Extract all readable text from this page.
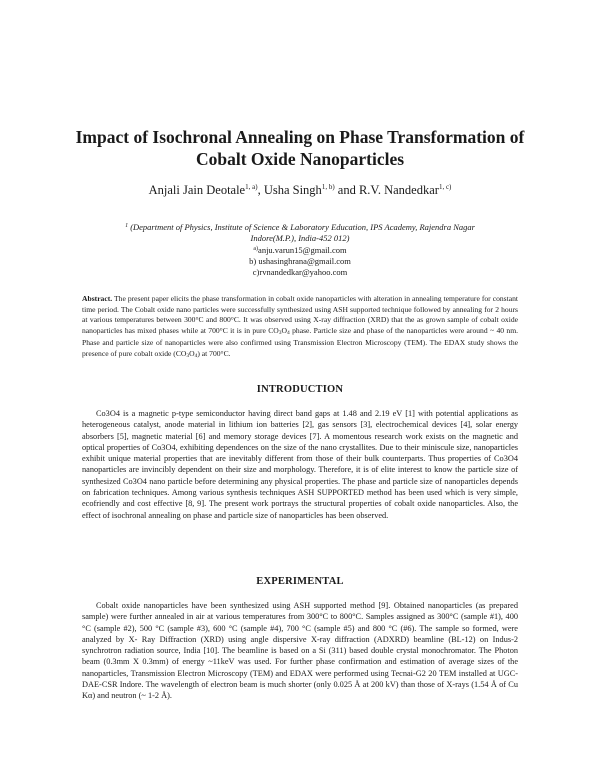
Impact of Isochronal Annealing on Phase Transformation of
Cobalt Oxide Nanoparticles
Anjali Jain Deotale$^{1, a)}$, Usha Singh$^{1, b)}$ and R.V. Nandedkar$^{1, c)}$
$^1$ (Department of Physics, Institute of Science & Laboratory Education, IPS Academy, Rajendra Nagar
Indore(M.P.), India-452 012)
$^{a)}$anju.varun15@gmail.com
b) ushasinghrana@gmail.com
c)rvnandedkar@yahoo.com
Abstract. The present paper elicits the phase transformation in cobalt oxide nanoparticles with alteration in annealing temperature for constant time period. The Cobalt oxide nano particles were successfully synthesized using ASH supported technique followed by annealing for 2 hours at various temperatures between 300°C and 800°C. It was observed using X-ray diffraction (XRD) that the as grown sample of cobalt oxide nanoparticles has mixed phases while at 700°C it is in pure $CO_3O_4$ phase. Particle size and phase of the nanoparticles were around ~ 40 nm. Phase and particle size of nanoparticles were also confirmed using Transmission Electron Microscopy (TEM). The EDAX study shows the presence of pure cobalt oxide $(CO_3O_4)$ at 700°C.
INTRODUCTION

Co3O4 is a magnetic p-type semiconductor having direct band gaps at 1.48 and 2.19 eV [1] with potential applications as heterogeneous catalyst, anode material in lithium ion batteries [2], gas sensors [3], electrochemical devices [4], solar energy absorbers [5], magnetic material [6] and memory storage devices [7]. A momentous research work exists on the magnetic and optical properties of Co3O4, exhibiting dependences on the size of the nano crystallites. Due to their miniscule size, nanoparticles exhibit unique material properties that are inevitably different from those of their bulk counterparts. Thus properties of Co3O4 nanoparticles are invincibly dependent on their size and morphology. Therefore, it is of elite interest to know the particle size of synthesized Co3O4 nano particle before determining any physical properties. The phase and particle size of nanoparticles depends on fabrication techniques. Among various synthesis techniques ASH SUPPORTED method has been used which is very simple, ecofriendly and cost effective [8, 9]. The present work portrays the structural properties of cobalt oxide nanoparticles. Also, the effect of isochronal annealing on phase and particle size of nanoparticles has been observed.

EXPERIMENTAL

Cobalt oxide nanoparticles have been synthesized using ASH supported method [9]. Obtained nanoparticles (as prepared sample) were further annealed in air at various temperatures from 300°C to 800°C. Samples assigned as 300°C (sample #1), 400 °C (sample #2), 500 °C (sample #3), 600 °C (sample #4), 700 °C (sample #5) and 800 °C (#6). The sample so formed, were analyzed by X- Ray Diffraction (XRD) using angle dispersive X-ray diffraction (ADXRD) beamline (BL-12) on Indus-2 synchrotron radiation source, India [10]. The beamline is based on a Si (311) based double crystal monochromator. The Photon beam (0.3mm X 0.3mm) of energy ~11keV was used. For further phase confirmation and estimation of average sizes of the nanoparticles, Transmission Electron Microscopy (TEM) and EDAX were performed using Tecnai-G2 20 TEM installed at UGC-DAE-CSR Indore. The wavelength of electron beam is much shorter (only 0.025 Å at 200 kV) than those of X-rays (1.54 Å of Cu Kα) and neutron (~ 1-2 Å).
